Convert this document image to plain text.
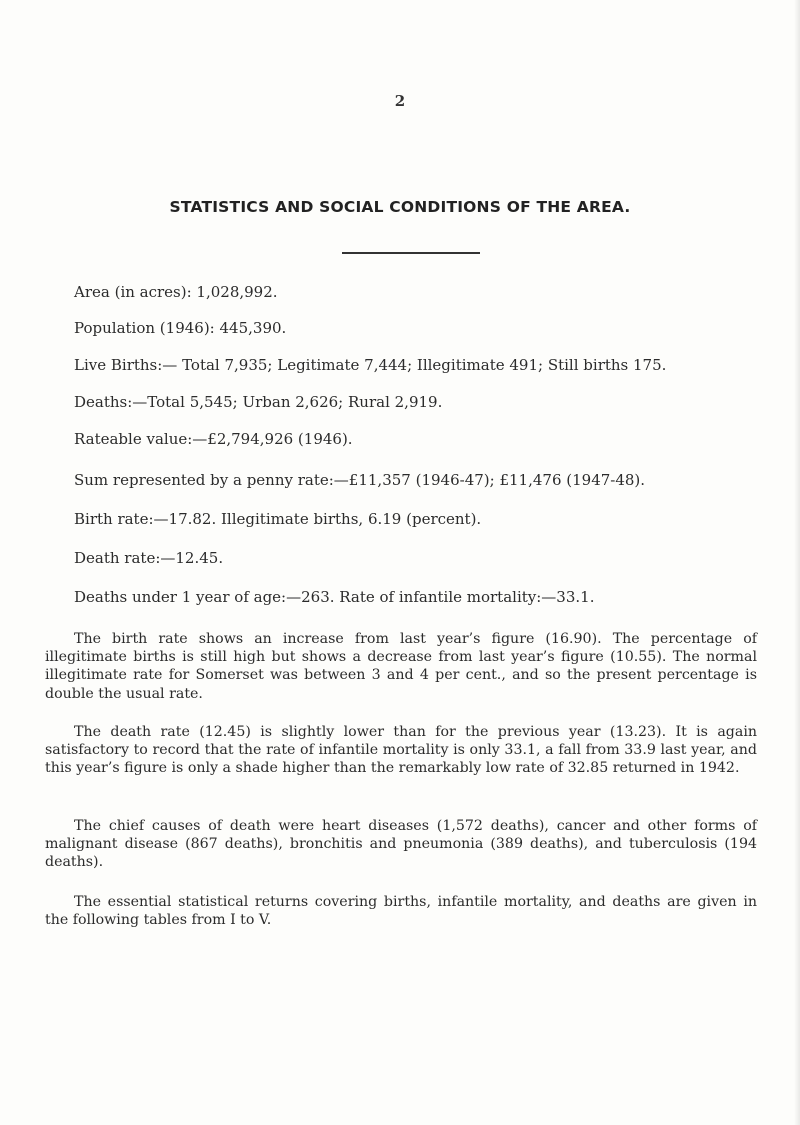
2
STATISTICS AND SOCIAL CONDITIONS OF THE AREA.
Area (in acres): 1,028,992.
Population (1946): 445,390.
Live Births:— Total 7,935; Legitimate 7,444; Illegitimate 491; Still births 175.
Deaths:—Total 5,545; Urban 2,626; Rural 2,919.
Rateable value:—£2,794,926 (1946).
Sum represented by a penny rate:—£11,357 (1946-47); £11,476 (1947-48).
Birth rate:—17.82. Illegitimate births, 6.19 (percent).
Death rate:—12.45.
Deaths under 1 year of age:—263. Rate of infantile mortality:—33.1.
The birth rate shows an increase from last year’s figure (16.90). The percentage of illegitimate births is still high but shows a decrease from last year’s figure (10.55). The normal illegitimate rate for Somerset was between 3 and 4 per cent., and so the present percentage is double the usual rate.
The death rate (12.45) is slightly lower than for the previous year (13.23). It is again satisfactory to record that the rate of infantile mortality is only 33.1, a fall from 33.9 last year, and this year’s figure is only a shade higher than the remarkably low rate of 32.85 returned in 1942.
The chief causes of death were heart diseases (1,572 deaths), cancer and other forms of malignant disease (867 deaths), bronchitis and pneumonia (389 deaths), and tuberculosis (194 deaths).
The essential statistical returns covering births, infantile mortality, and deaths are given in the following tables from I to V.
